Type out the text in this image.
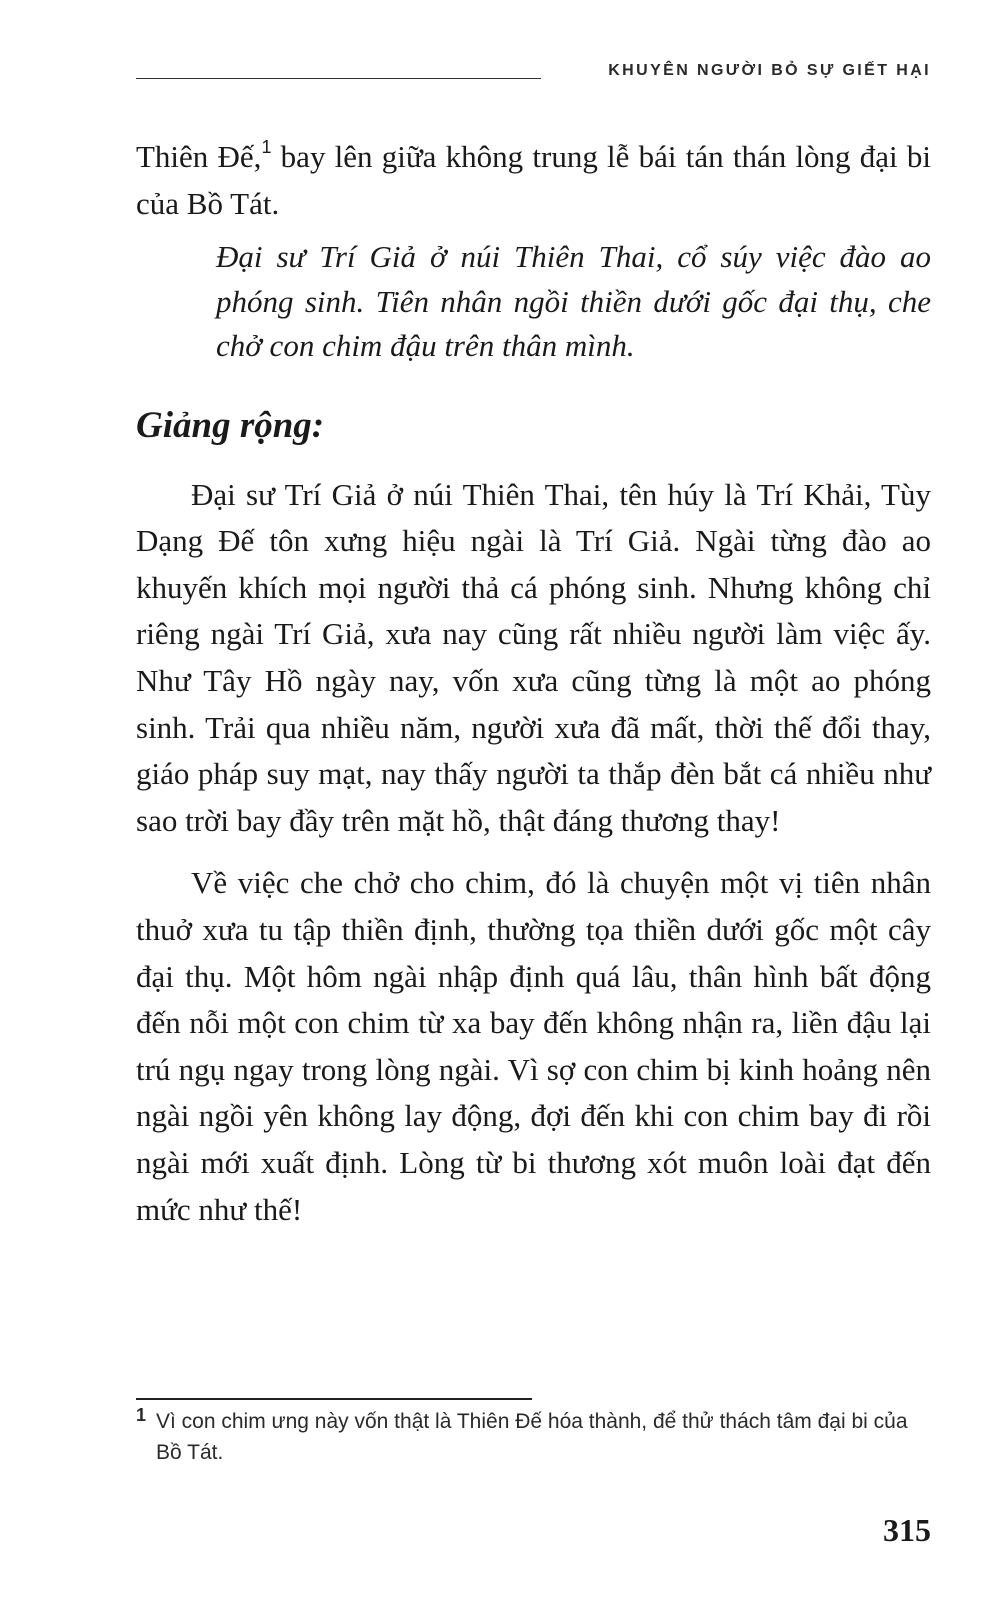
KHUYÊN NGƯỜI BỎ SỰ GIẾT HẠI

Thiên Đế,$^1$ bay lên giữa không trung lễ bái tán thán lòng đại bi của Bồ Tát.

Đại sư Trí Giả ở núi Thiên Thai, cổ súy việc đào ao phóng sinh. Tiên nhân ngồi thiền dưới gốc đại thụ, che chở con chim đậu trên thân mình.

Giảng rộng:

Đại sư Trí Giả ở núi Thiên Thai, tên húy là Trí Khải, Tùy Dạng Đế tôn xưng hiệu ngài là Trí Giả. Ngài từng đào ao khuyến khích mọi người thả cá phóng sinh. Nhưng không chỉ riêng ngài Trí Giả, xưa nay cũng rất nhiều người làm việc ấy. Như Tây Hồ ngày nay, vốn xưa cũng từng là một ao phóng sinh. Trải qua nhiều năm, người xưa đã mất, thời thế đổi thay, giáo pháp suy mạt, nay thấy người ta thắp đèn bắt cá nhiều như sao trời bay đầy trên mặt hồ, thật đáng thương thay!

Về việc che chở cho chim, đó là chuyện một vị tiên nhân thuở xưa tu tập thiền định, thường tọa thiền dưới gốc một cây đại thụ. Một hôm ngài nhập định quá lâu, thân hình bất động đến nỗi một con chim từ xa bay đến không nhận ra, liền đậu lại trú ngụ ngay trong lòng ngài. Vì sợ con chim bị kinh hoảng nên ngài ngồi yên không lay động, đợi đến khi con chim bay đi rồi ngài mới xuất định. Lòng từ bi thương xót muôn loài đạt đến mức như thế!

1 Vì con chim ưng này vốn thật là Thiên Đế hóa thành, để thử thách tâm đại bi của Bồ Tát.
315
